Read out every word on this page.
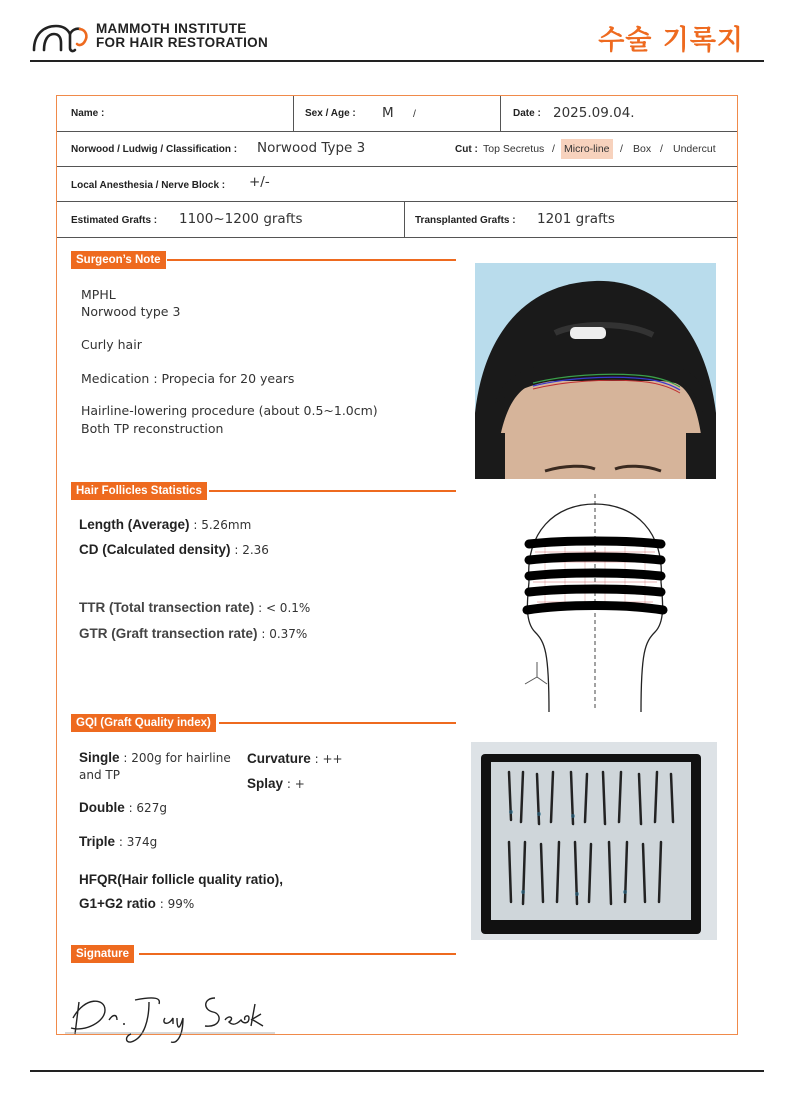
MAMMOTH INSTITUTE
FOR HAIR RESTORATION	수술 기록지
Name :	Sex / Age : M /	Date : 2025.09.04.
Norwood / Ludwig / Classification : Norwood Type 3	Cut : Top Secretus / Micro-line / Box / Undercut
Local Anesthesia / Nerve Block : +/-
Estimated Grafts : 1100~1200 grafts	Transplanted Grafts : 1201 grafts
Surgeon’s Note
MPHL
Norwood type 3
Curly hair
Medication : Propecia for 20 years
Hairline-lowering procedure (about 0.5~1.0cm)
Both TP reconstruction
Hair Follicles Statistics
Length (Average) : 5.26mm
CD (Calculated density) : 2.36
TTR (Total transection rate) : < 0.1%
GTR (Graft transection rate) : 0.37%
GQI (Graft Quality index)
Single : 200g for hairline
and TP
Double : 627g
Triple : 374g
Curvature : ++
Splay : +
HFQR(Hair follicle quality ratio),
G1+G2 ratio : 99%
Signature
